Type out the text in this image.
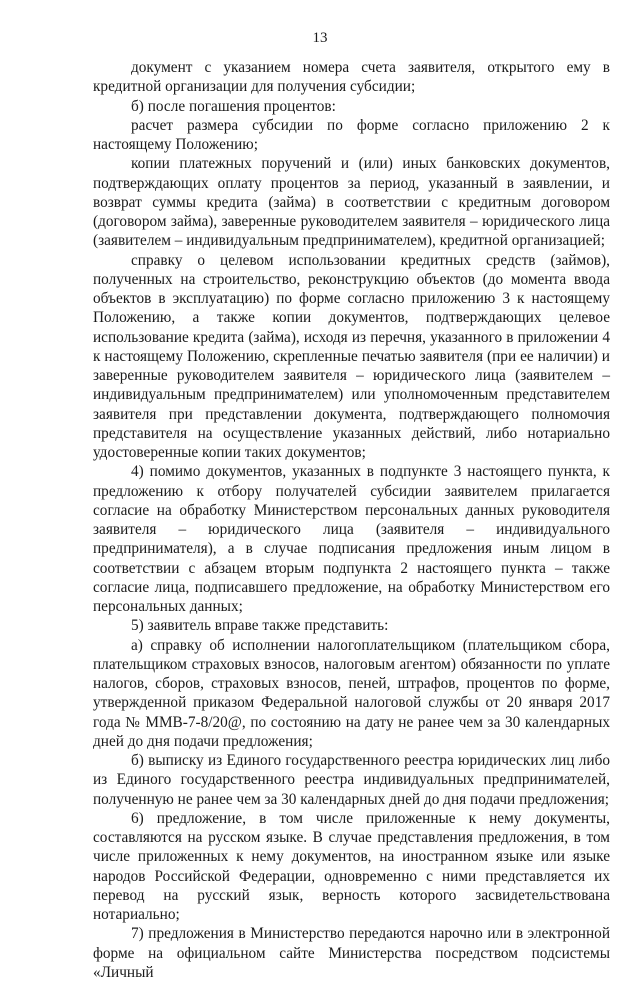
13

документ с указанием номера счета заявителя, открытого ему в кредитной организации для получения субсидии;

б) после погашения процентов:

расчет размера субсидии по форме согласно приложению 2 к настоящему Положению;

копии платежных поручений и (или) иных банковских документов, подтверждающих оплату процентов за период, указанный в заявлении, и возврат суммы кредита (займа) в соответствии с кредитным договором (договором займа), заверенные руководителем заявителя – юридического лица (заявителем – индивидуальным предпринимателем), кредитной организацией;

справку о целевом использовании кредитных средств (займов), полученных на строительство, реконструкцию объектов (до момента ввода объектов в эксплуатацию) по форме согласно приложению 3 к настоящему Положению, а также копии документов, подтверждающих целевое использование кредита (займа), исходя из перечня, указанного в приложении 4 к настоящему Положению, скрепленные печатью заявителя (при ее наличии) и заверенные руководителем заявителя – юридического лица (заявителем – индивидуальным предпринимателем) или уполномоченным представителем заявителя при представлении документа, подтверждающего полномочия представителя на осуществление указанных действий, либо нотариально удостоверенные копии таких документов;

4) помимо документов, указанных в подпункте 3 настоящего пункта, к предложению к отбору получателей субсидии заявителем прилагается согласие на обработку Министерством персональных данных руководителя заявителя – юридического лица (заявителя – индивидуального предпринимателя), а в случае подписания предложения иным лицом в соответствии с абзацем вторым подпункта 2 настоящего пункта – также согласие лица, подписавшего предложение, на обработку Министерством его персональных данных;

5) заявитель вправе также представить:

а) справку об исполнении налогоплательщиком (плательщиком сбора, плательщиком страховых взносов, налоговым агентом) обязанности по уплате налогов, сборов, страховых взносов, пеней, штрафов, процентов по форме, утвержденной приказом Федеральной налоговой службы от 20 января 2017 года № ММВ-7-8/20@, по состоянию на дату не ранее чем за 30 календарных дней до дня подачи предложения;

б) выписку из Единого государственного реестра юридических лиц либо из Единого государственного реестра индивидуальных предпринимателей, полученную не ранее чем за 30 календарных дней до дня подачи предложения;

6) предложение, в том числе приложенные к нему документы, составляются на русском языке. В случае представления предложения, в том числе приложенных к нему документов, на иностранном языке или языке народов Российской Федерации, одновременно с ними представляется их перевод на русский язык, верность которого засвидетельствована нотариально;

7) предложения в Министерство передаются нарочно или в электронной форме на официальном сайте Министерства посредством подсистемы «Личный
